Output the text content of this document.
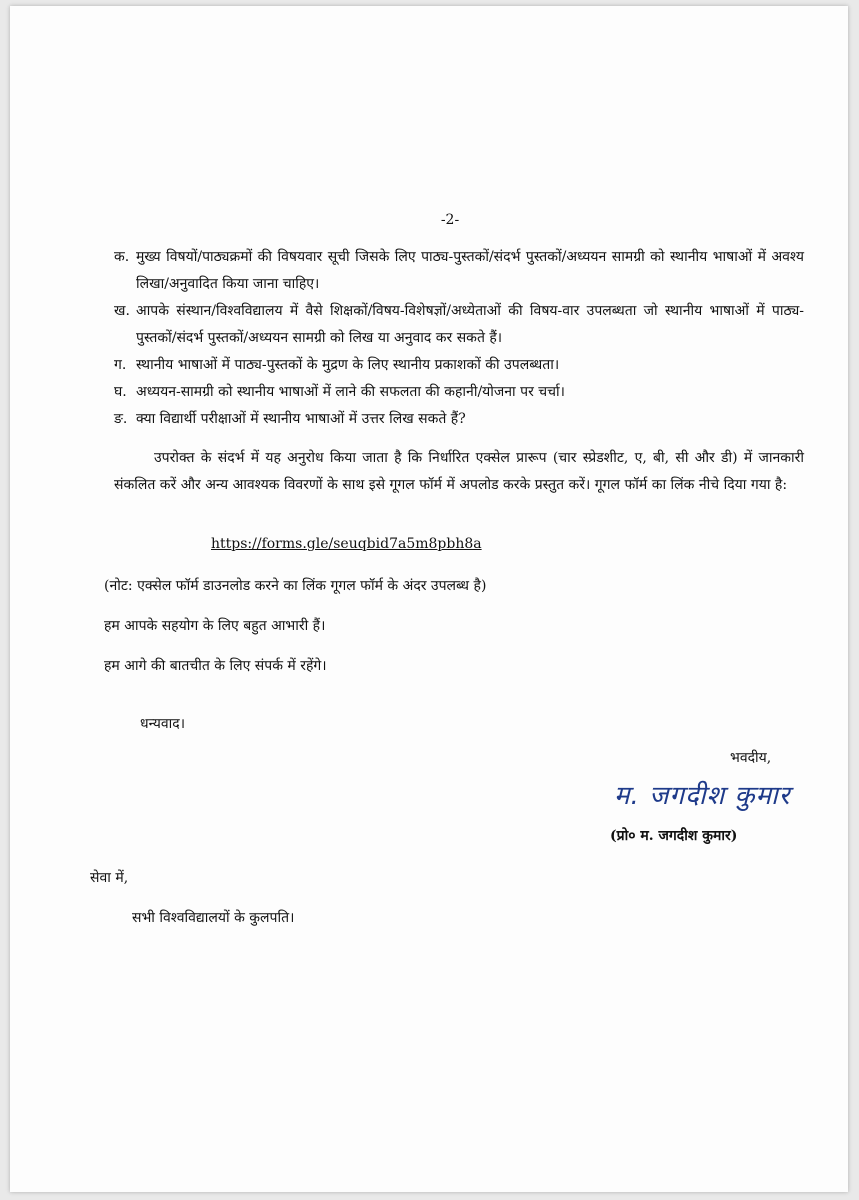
-2-
क. मुख्य विषयों/पाठ्यक्रमों की विषयवार सूची जिसके लिए पाठ्य-पुस्तकों/संदर्भ पुस्तकों/अध्ययन सामग्री को स्थानीय भाषाओं में अवश्य लिखा/अनुवादित किया जाना चाहिए।
ख. आपके संस्थान/विश्वविद्यालय में वैसे शिक्षकों/विषय-विशेषज्ञों/अध्येताओं की विषय-वार उपलब्धता जो स्थानीय भाषाओं में पाठ्य-पुस्तकों/संदर्भ पुस्तकों/अध्ययन सामग्री को लिख या अनुवाद कर सकते हैं।
ग. स्थानीय भाषाओं में पाठ्य-पुस्तकों के मुद्रण के लिए स्थानीय प्रकाशकों की उपलब्धता।
घ. अध्ययन-सामग्री को स्थानीय भाषाओं में लाने की सफलता की कहानी/योजना पर चर्चा।
ङ. क्या विद्यार्थी परीक्षाओं में स्थानीय भाषाओं में उत्तर लिख सकते हैं?
उपरोक्त के संदर्भ में यह अनुरोध किया जाता है कि निर्धारित एक्सेल प्रारूप (चार स्प्रेडशीट, ए, बी, सी और डी) में जानकारी संकलित करें और अन्य आवश्यक विवरणों के साथ इसे गूगल फॉर्म में अपलोड करके प्रस्तुत करें। गूगल फॉर्म का लिंक नीचे दिया गया है:
https://forms.gle/seuqbid7a5m8pbh8a
(नोट: एक्सेल फॉर्म डाउनलोड करने का लिंक गूगल फॉर्म के अंदर उपलब्ध है)
हम आपके सहयोग के लिए बहुत आभारी हैं।
हम आगे की बातचीत के लिए संपर्क में रहेंगे।
धन्यवाद।
भवदीय,
म. जगदीश कुमार
(प्रो० म. जगदीश कुमार)
सेवा में,
सभी विश्वविद्यालयों के कुलपति।
